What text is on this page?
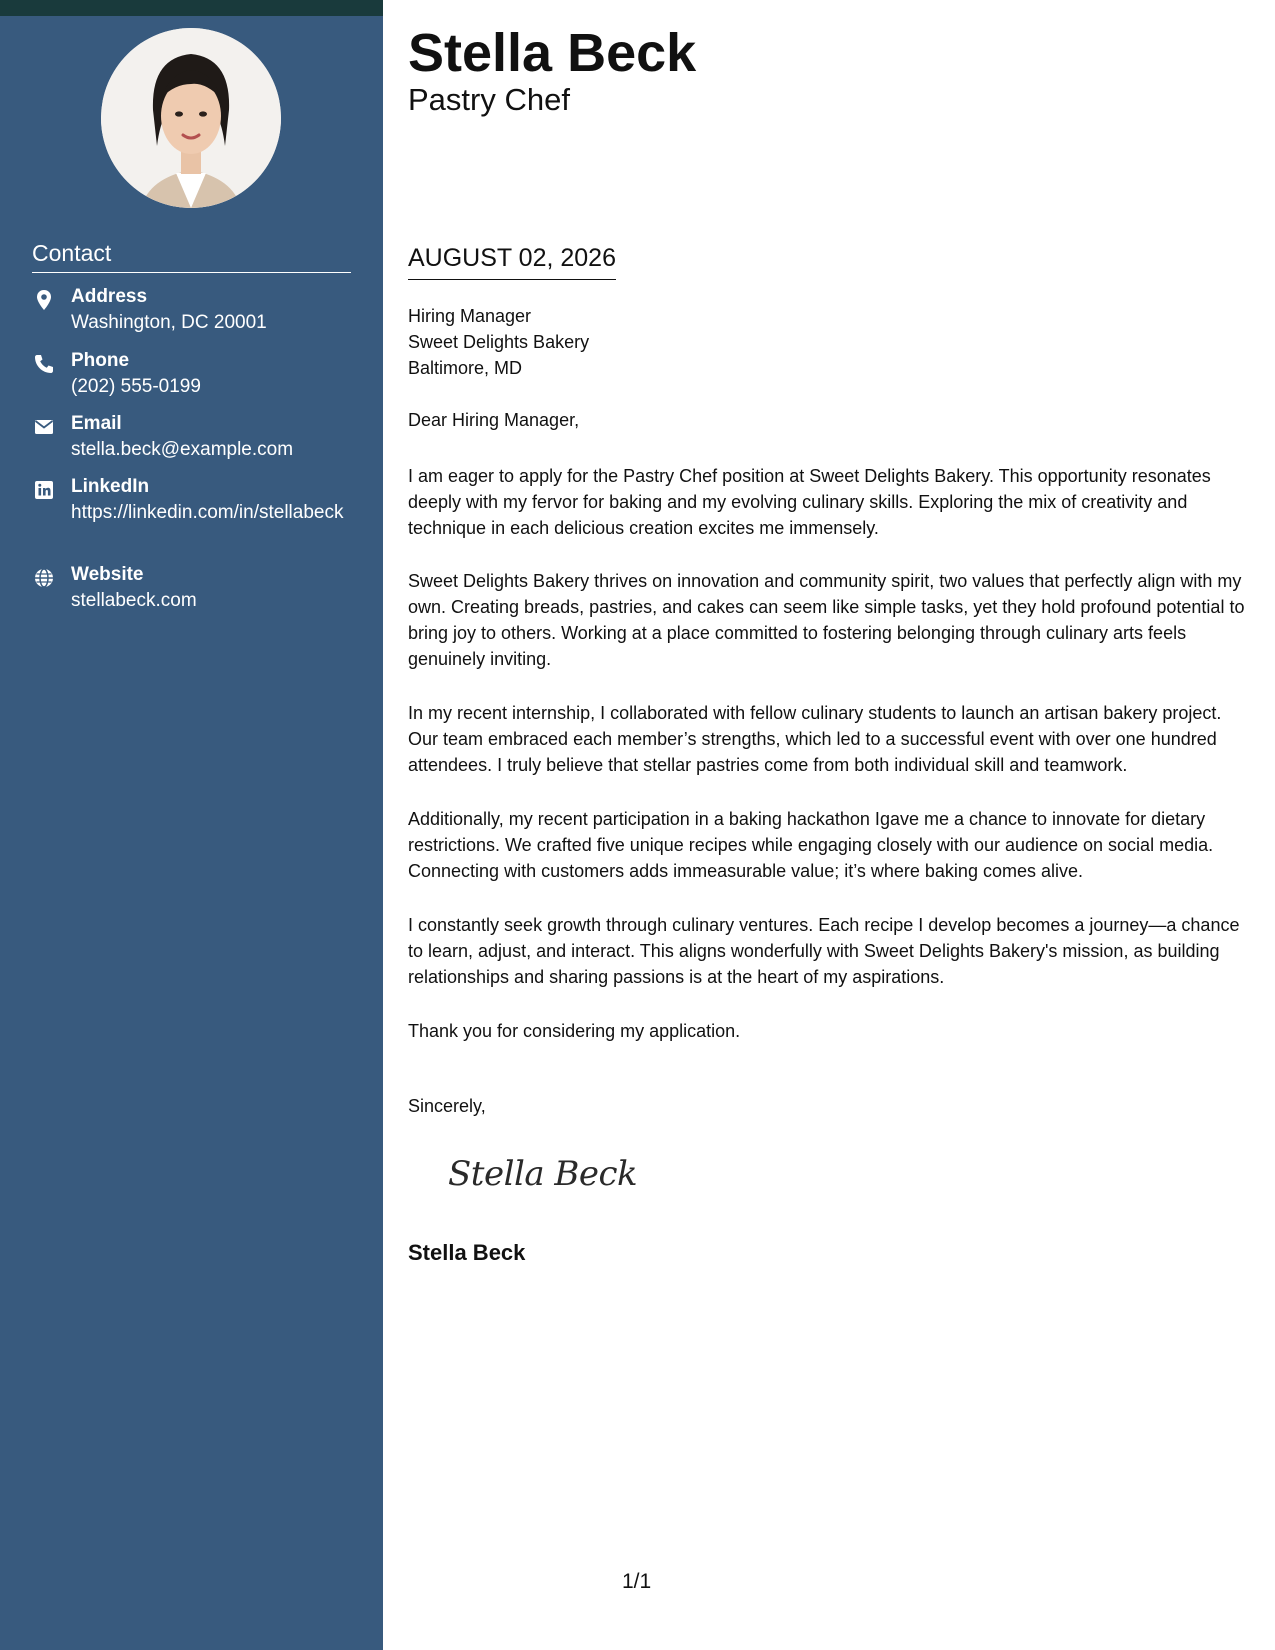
Contact
Address
Washington, DC 20001
Phone
(202) 555-0199
Email
stella.beck@example.com
LinkedIn
https://linkedin.com/in/stellabeck
Website
stellabeck.com
Stella Beck
Pastry Chef
AUGUST 02, 2026
Hiring Manager
Sweet Delights Bakery
Baltimore, MD
Dear Hiring Manager,
I am eager to apply for the Pastry Chef position at Sweet Delights Bakery. This opportunity resonates deeply with my fervor for baking and my evolving culinary skills. Exploring the mix of creativity and technique in each delicious creation excites me immensely.
Sweet Delights Bakery thrives on innovation and community spirit, two values that perfectly align with my own. Creating breads, pastries, and cakes can seem like simple tasks, yet they hold profound potential to bring joy to others. Working at a place committed to fostering belonging through culinary arts feels genuinely inviting.
In my recent internship, I collaborated with fellow culinary students to launch an artisan bakery project. Our team embraced each member’s strengths, which led to a successful event with over one hundred attendees. I truly believe that stellar pastries come from both individual skill and teamwork.
Additionally, my recent participation in a baking hackathon Igave me a chance to innovate for dietary restrictions. We crafted five unique recipes while engaging closely with our audience on social media. Connecting with customers adds immeasurable value; it’s where baking comes alive.
I constantly seek growth through culinary ventures. Each recipe I develop becomes a journey—a chance to learn, adjust, and interact. This aligns wonderfully with Sweet Delights Bakery's mission, as building relationships and sharing passions is at the heart of my aspirations.
Thank you for considering my application.
Sincerely,
Stella Beck
Stella Beck
1/1
